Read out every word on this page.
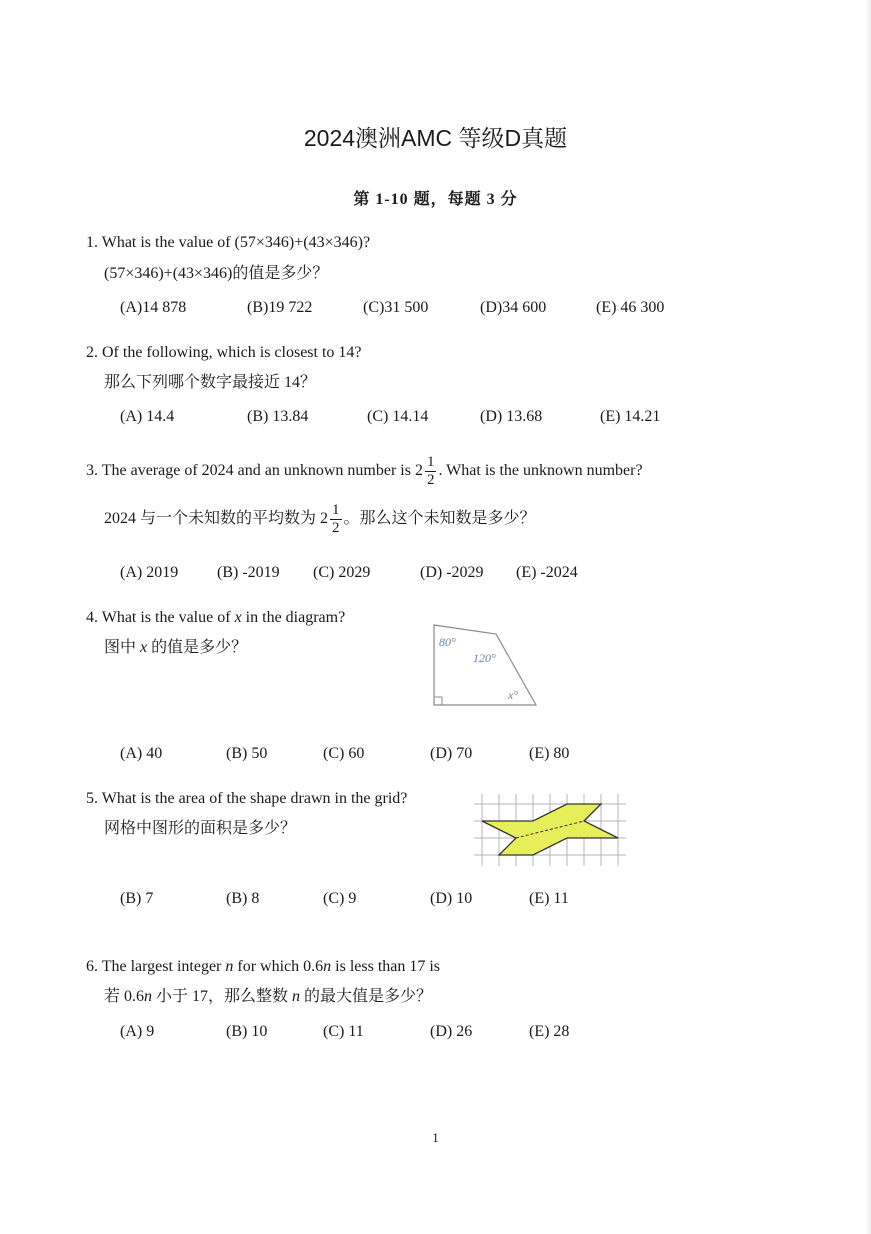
2024澳洲AMC 等级D真题
第 1-10 题，每题 3 分
1. What is the value of (57×346)+(43×346)?
(57×346)+(43×346)的值是多少？
(A)14 878	(B)19 722	(C)31 500	(D)34 600	(E) 46 300
2. Of the following, which is closest to 14?
那么下列哪个数字最接近 14？
(A) 14.4	(B) 13.84	(C) 14.14	(D) 13.68	(E) 14.21
3. The average of 2024 and an unknown number is $2 \frac{1}{2}$ . What is the unknown number?
2024 与一个未知数的平均数为 $2 \frac{1}{2}$ 。那么这个未知数是多少？
(A) 2019 (B) -2019 (C) 2029	(D) -2029 (E) -2024
4. What is the value of x in the diagram?
图中 x 的值是多少？	80°
120°
x°
(A) 40	(B) 50	(C) 60	(D) 70	(E) 80
5. What is the area of the shape drawn in the grid?
网格中图形的面积是多少？
(B) 7	(B) 8	(C) 9	(D) 10	(E) 11
6. The largest integer n for which 0.6n is less than 17 is
若 0.6n 小于 17，那么整数 n 的最大值是多少？
(A) 9	(B) 10	(C) 11	(D) 26	(E) 28
1
